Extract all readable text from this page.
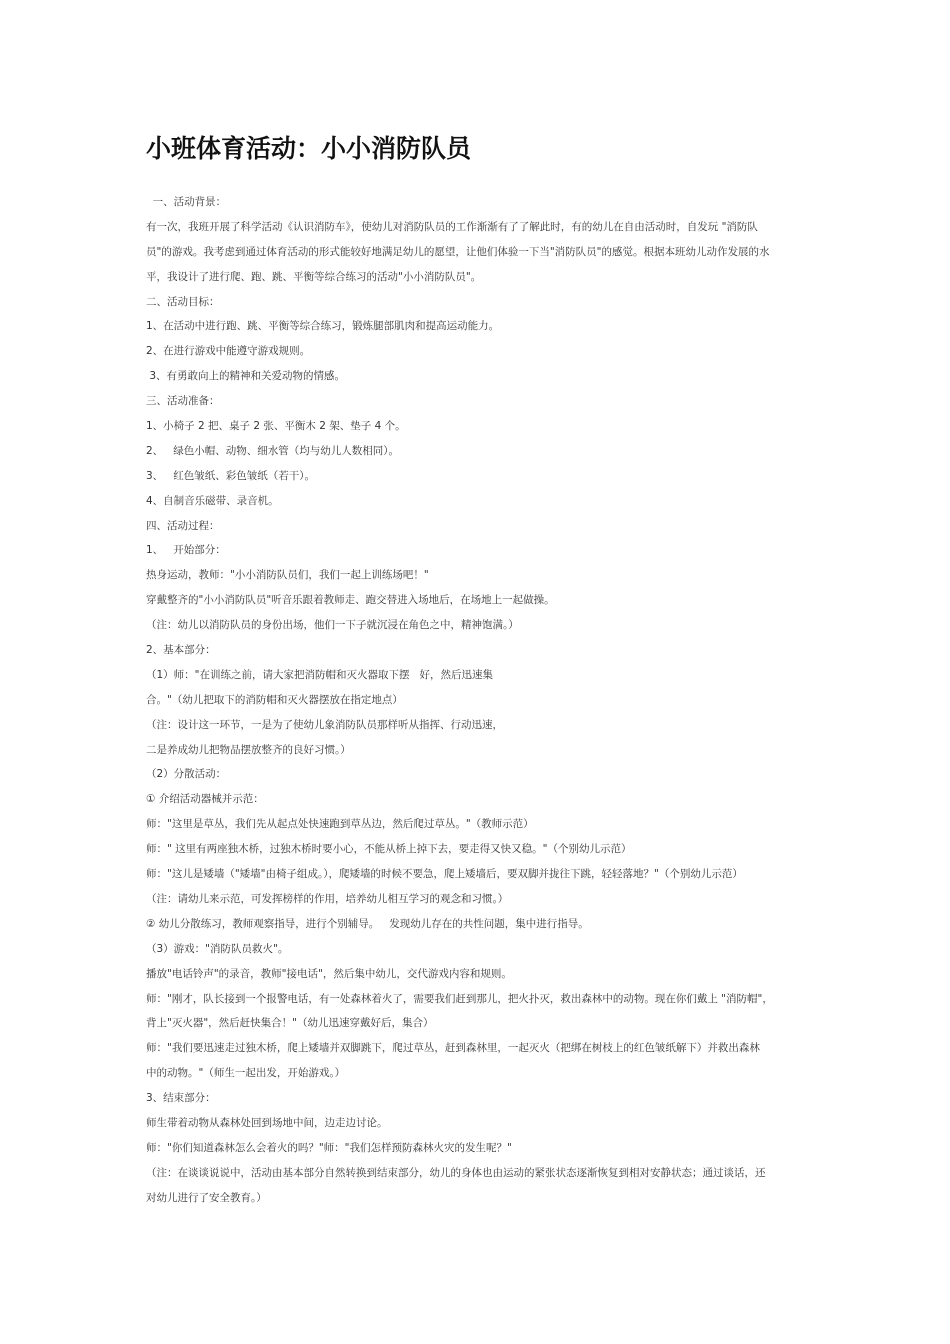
小班体育活动：小小消防队员
一、活动背景：
有一次，我班开展了科学活动《认识消防车》，使幼儿对消防队员的工作渐渐有了了解此时，有的幼儿在自由活动时，自发玩 "消防队
员"的游戏。我考虑到通过体育活动的形式能较好地满足幼儿的愿望，让他们体验一下当"消防队员"的感觉。根据本班幼儿动作发展的水
平，我设计了进行爬、跑、跳、平衡等综合练习的活动"小小消防队员"。
二、活动目标：
1、在活动中进行跑、跳、平衡等综合练习，锻炼腿部肌肉和提高运动能力。
2、在进行游戏中能遵守游戏规则。
3、有勇敢向上的精神和关爱动物的情感。
三、活动准备：
1、小椅子 2 把、桌子 2 张、平衡木 2 架、垫子 4 个。
2、   绿色小帽、动物、细水管（均与幼儿人数相同）。
3、   红色皱纸、彩色皱纸（若干）。
4、自制音乐磁带、录音机。
四、活动过程：
1、   开始部分：
热身运动，教师："小小消防队员们，我们一起上训练场吧！"
穿戴整齐的"小小消防队员"听音乐跟着教师走、跑交替进入场地后，在场地上一起做操。
（注：幼儿以消防队员的身份出场，他们一下子就沉浸在角色之中，精神饱满。）
2、基本部分：
（1）师："在训练之前，请大家把消防帽和灭火器取下摆   好，然后迅速集
合。"（幼儿把取下的消防帽和灭火器摆放在指定地点）
（注：设计这一环节，一是为了使幼儿象消防队员那样听从指挥、行动迅速，
二是养成幼儿把物品摆放整齐的良好习惯。）
（2）分散活动：
① 介绍活动器械并示范：
师："这里是草丛，我们先从起点处快速跑到草丛边，然后爬过草丛。"（教师示范）
师：" 这里有两座独木桥，过独木桥时要小心，不能从桥上掉下去，要走得又快又稳。"（个别幼儿示范）
师："这儿是矮墙（"矮墙"由椅子组成。），爬矮墙的时候不要急，爬上矮墙后，要双脚并拢往下跳，轻轻落地？"（个别幼儿示范）
（注：请幼儿来示范，可发挥榜样的作用，培养幼儿相互学习的观念和习惯。）
② 幼儿分散练习，教师观察指导，进行个别辅导。   发现幼儿存在的共性问题，集中进行指导。
（3）游戏："消防队员救火"。
播放"电话铃声"的录音，教师"接电话"，然后集中幼儿，交代游戏内容和规则。
师："刚才，队长接到一个报警电话，有一处森林着火了，需要我们赶到那儿，把火扑灭，救出森林中的动物。现在你们戴上 "消防帽"，
背上"灭火器"，然后赶快集合！"（幼儿迅速穿戴好后，集合）
师："我们要迅速走过独木桥，爬上矮墙并双脚跳下，爬过草丛，赶到森林里，一起灭火（把绑在树枝上的红色皱纸解下）并救出森林
中的动物。"（师生一起出发，开始游戏。）
3、结束部分：
师生带着动物从森林处回到场地中间，边走边讨论。
师："你们知道森林怎么会着火的吗？"师："我们怎样预防森林火灾的发生呢？"
（注：在谈谈说说中，活动由基本部分自然转换到结束部分，幼儿的身体也由运动的紧张状态逐渐恢复到相对安静状态；通过谈话，还
对幼儿进行了安全教育。）
